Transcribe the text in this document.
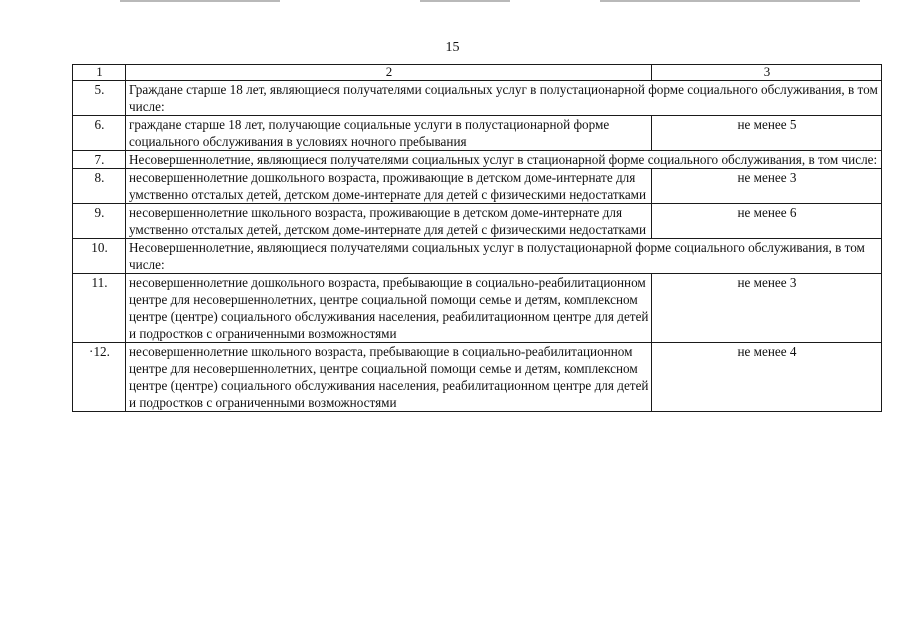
15
1	2	3
5.	Граждане старше 18 лет, являющиеся получателями социальных услуг в полустационарной форме социального обслуживания, в том числе:	
6.	граждане старше 18 лет, получающие социальные услуги в полустационарной форме социального обслуживания в условиях ночного пребывания	не менее 5
7.	Несовершеннолетние, являющиеся получателями социальных услуг в стационарной форме социального обслуживания, в том числе:	
8.	несовершеннолетние дошкольного возраста, проживающие в детском доме-интернате для умственно отсталых детей, детском доме-интернате для детей с физическими недостатками	не менее 3
9.	несовершеннолетние школьного возраста, проживающие в детском доме-интернате для умственно отсталых детей, детском доме-интернате для детей с физическими недостатками	не менее 6
10.	Несовершеннолетние, являющиеся получателями социальных услуг в полустационарной форме социального обслуживания, в том числе:	
11.	несовершеннолетние дошкольного возраста, пребывающие в социально-реабилитационном центре для несовершеннолетних, центре социальной помощи семье и детям, комплексном центре (центре) социального обслуживания населения, реабилитационном центре для детей и подростков с ограниченными возможностями	не менее 3
·12.	несовершеннолетние школьного возраста, пребывающие в социально-реабилитационном центре для несовершеннолетних, центре социальной помощи семье и детям, комплексном центре (центре) социального обслуживания населения, реабилитационном центре для детей и подростков с ограниченными возможностями	не менее 4
